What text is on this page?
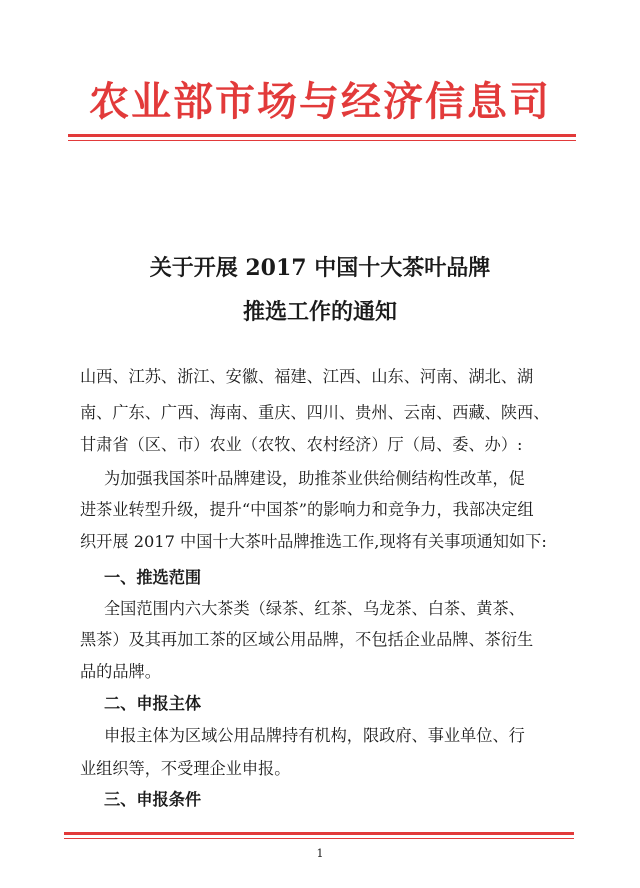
农业部市场与经济信息司
关于开展 2017 中国十大茶叶品牌
推选工作的通知
山西、江苏、浙江、安徽、福建、江西、山东、河南、湖北、湖
南、广东、广西、海南、重庆、四川、贵州、云南、西藏、陕西、
甘肃省（区、市）农业（农牧、农村经济）厅（局、委、办）:
为加强我国茶叶品牌建设，助推茶业供给侧结构性改革，促
进茶业转型升级，提升“中国茶”的影响力和竞争力，我部决定组
织开展 2017 中国十大茶叶品牌推选工作,现将有关事项通知如下:
一、推选范围
全国范围内六大茶类（绿茶、红茶、乌龙茶、白茶、黄茶、
黑茶）及其再加工茶的区域公用品牌，不包括企业品牌、茶衍生
品的品牌。
二、申报主体
申报主体为区域公用品牌持有机构，限政府、事业单位、行
业组织等，不受理企业申报。
三、申报条件
1
